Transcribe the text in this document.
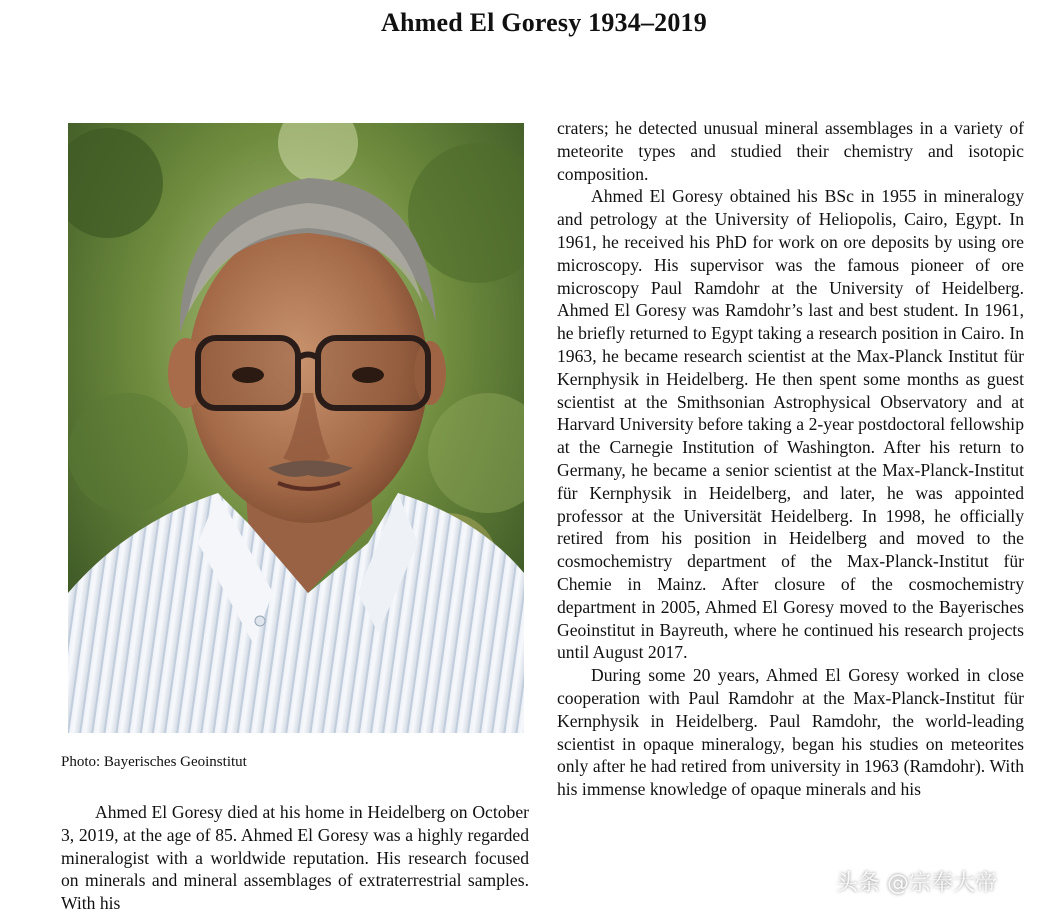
Ahmed El Goresy 1934–2019
Photo: Bayerisches Geoinstitut

Ahmed El Goresy died at his home in Heidelberg on October 3, 2019, at the age of 85. Ahmed El Goresy was a highly regarded mineralogist with a worldwide reputation. His research focused on minerals and mineral assemblages of extraterrestrial samples. With his

craters; he detected unusual mineral assemblages in a variety of meteorite types and studied their chemistry and isotopic composition.

Ahmed El Goresy obtained his BSc in 1955 in mineralogy and petrology at the University of Heliopolis, Cairo, Egypt. In 1961, he received his PhD for work on ore deposits by using ore microscopy. His supervisor was the famous pioneer of ore microscopy Paul Ramdohr at the University of Heidelberg. Ahmed El Goresy was Ramdohr’s last and best student. In 1961, he briefly returned to Egypt taking a research position in Cairo. In 1963, he became research scientist at the Max-Planck Institut für Kernphysik in Heidelberg. He then spent some months as guest scientist at the Smithsonian Astrophysical Observatory and at Harvard University before taking a 2-year postdoctoral fellowship at the Carnegie Institution of Washington. After his return to Germany, he became a senior scientist at the Max-Planck-Institut für Kernphysik in Heidelberg, and later, he was appointed professor at the Universität Heidelberg. In 1998, he officially retired from his position in Heidelberg and moved to the cosmochemistry department of the Max-Planck-Institut für Chemie in Mainz. After closure of the cosmochemistry department in 2005, Ahmed El Goresy moved to the Bayerisches Geoinstitut in Bayreuth, where he continued his research projects until August 2017.

During some 20 years, Ahmed El Goresy worked in close cooperation with Paul Ramdohr at the Max-Planck-Institut für Kernphysik in Heidelberg. Paul Ramdohr, the world-leading scientist in opaque mineralogy, began his studies on meteorites only after he had retired from university in 1963 (Ramdohr). With his immense knowledge of opaque minerals and his

头条 @宗奉大帝
